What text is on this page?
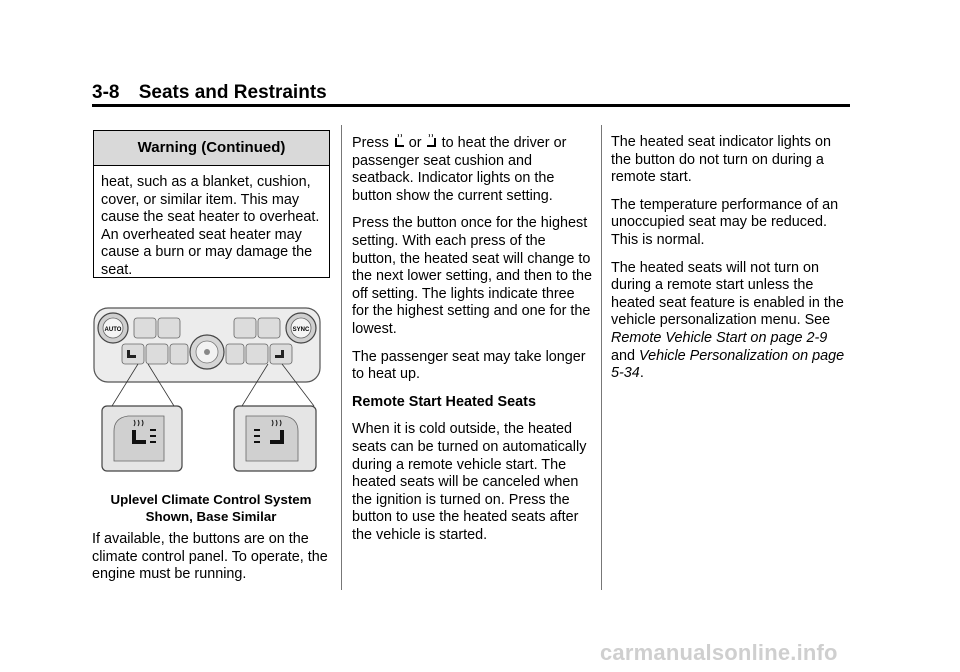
3-8 Seats and Restraints
Warning (Continued)
heat, such as a blanket, cushion, cover, or similar item. This may cause the seat heater to overheat. An overheated seat heater may cause a burn or may damage the seat.
AUTO	SYNC
Uplevel Climate Control System
Shown, Base Similar

If available, the buttons are on the climate control panel. To operate, the engine must be running.

Press or to heat the driver or passenger seat cushion and seatback. Indicator lights on the button show the current setting.

Press the button once for the highest setting. With each press of the button, the heated seat will change to the next lower setting, and then to the off setting. The lights indicate three for the highest setting and one for the lowest.

The passenger seat may take longer to heat up.

Remote Start Heated Seats

When it is cold outside, the heated seats can be turned on automatically during a remote vehicle start. The heated seats will be canceled when the ignition is turned on. Press the button to use the heated seats after the vehicle is started.

The heated seat indicator lights on the button do not turn on during a remote start.

The temperature performance of an unoccupied seat may be reduced. This is normal.

The heated seats will not turn on during a remote start unless the heated seat feature is enabled in the vehicle personalization menu. See Remote Vehicle Start on page 2-9 and Vehicle Personalization on page 5-34.

carmanualsonline.info
